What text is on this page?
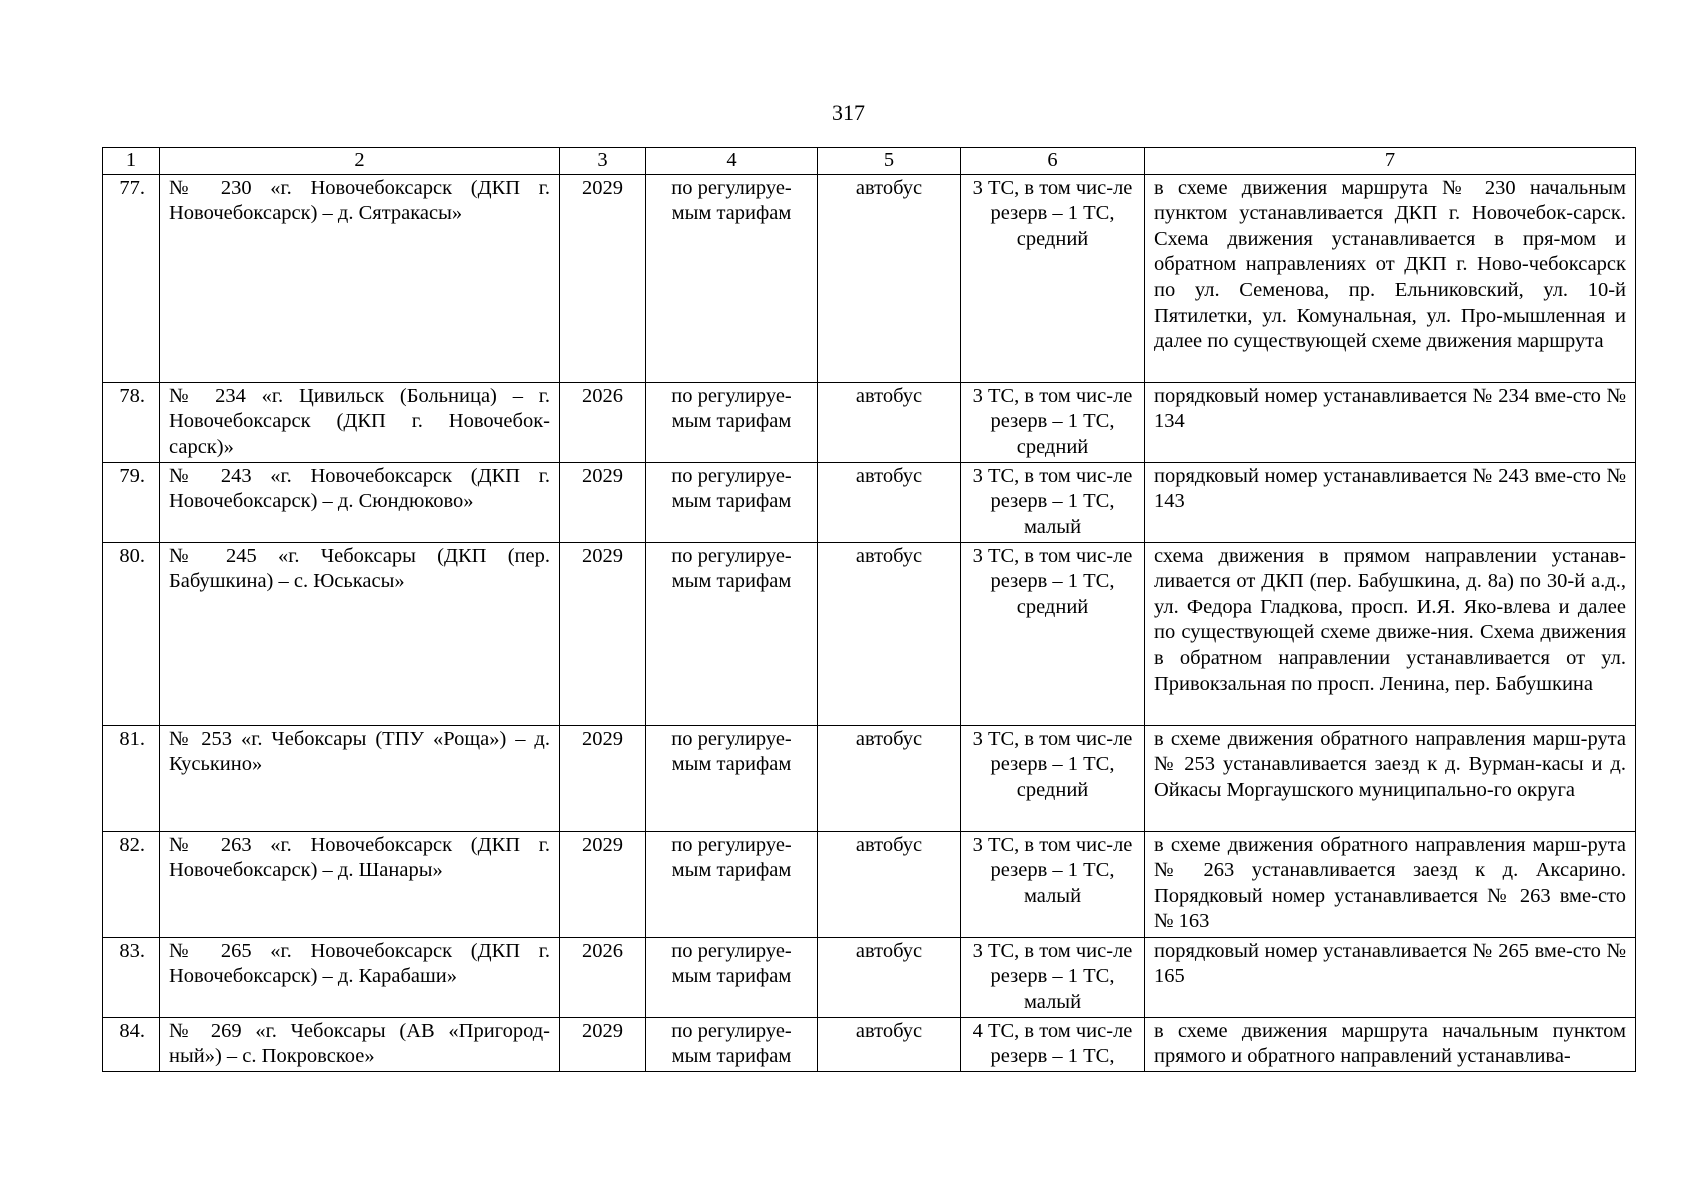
317
1	2	3	4	5	6	7
77.	№ 230 «г. Новочебоксарск (ДКП г. Новочебоксарск) – д. Сятракасы»	2029	по регулируе-мым тарифам	автобус	3 ТС, в том чис-ле резерв – 1 ТС, средний	в схеме движения маршрута № 230 начальным пунктом устанавливается ДКП г. Новочебок-сарск. Схема движения устанавливается в пря-мом и обратном направлениях от ДКП г. Ново-чебоксарск по ул. Семенова, пр. Ельниковский, ул. 10-й Пятилетки, ул. Комунальная, ул. Про-мышленная и далее по существующей схеме движения маршрута
78.	№ 234 «г. Цивильск (Больница) – г. Новочебоксарск (ДКП г. Новочебок-сарск)»	2026	по регулируе-мым тарифам	автобус	3 ТС, в том чис-ле резерв – 1 ТС, средний	порядковый номер устанавливается № 234 вме-сто № 134
79.	№ 243 «г. Новочебоксарск (ДКП г. Новочебоксарск) – д. Сюндюково»	2029	по регулируе-мым тарифам	автобус	3 ТС, в том чис-ле резерв – 1 ТС, малый	порядковый номер устанавливается № 243 вме-сто № 143
80.	№ 245 «г. Чебоксары (ДКП (пер. Бабушкина) – с. Юськасы»	2029	по регулируе-мым тарифам	автобус	3 ТС, в том чис-ле резерв – 1 ТС, средний	схема движения в прямом направлении устанав-ливается от ДКП (пер. Бабушкина, д. 8а) по 30-й а.д., ул. Федора Гладкова, просп. И.Я. Яко-влева и далее по существующей схеме движе-ния. Схема движения в обратном направлении устанавливается от ул. Привокзальная по просп. Ленина, пер. Бабушкина
81.	№ 253 «г. Чебоксары (ТПУ «Роща») – д. Куськино»	2029	по регулируе-мым тарифам	автобус	3 ТС, в том чис-ле резерв – 1 ТС, средний	в схеме движения обратного направления марш-рута № 253 устанавливается заезд к д. Вурман-касы и д. Ойкасы Моргаушского муниципально-го округа
82.	№ 263 «г. Новочебоксарск (ДКП г. Новочебоксарск) – д. Шанары»	2029	по регулируе-мым тарифам	автобус	3 ТС, в том чис-ле резерв – 1 ТС, малый	в схеме движения обратного направления марш-рута № 263 устанавливается заезд к д. Аксарино. Порядковый номер устанавливается № 263 вме-сто № 163
83.	№ 265 «г. Новочебоксарск (ДКП г. Новочебоксарск) – д. Карабаши»	2026	по регулируе-мым тарифам	автобус	3 ТС, в том чис-ле резерв – 1 ТС, малый	порядковый номер устанавливается № 265 вме-сто № 165
84.	№ 269 «г. Чебоксары (АВ «Пригород-ный») – с. Покровское»	2029	по регулируе-мым тарифам	автобус	4 ТС, в том чис-ле резерв – 1 ТС,	в схеме движения маршрута начальным пунктом прямого и обратного направлений устанавлива-
